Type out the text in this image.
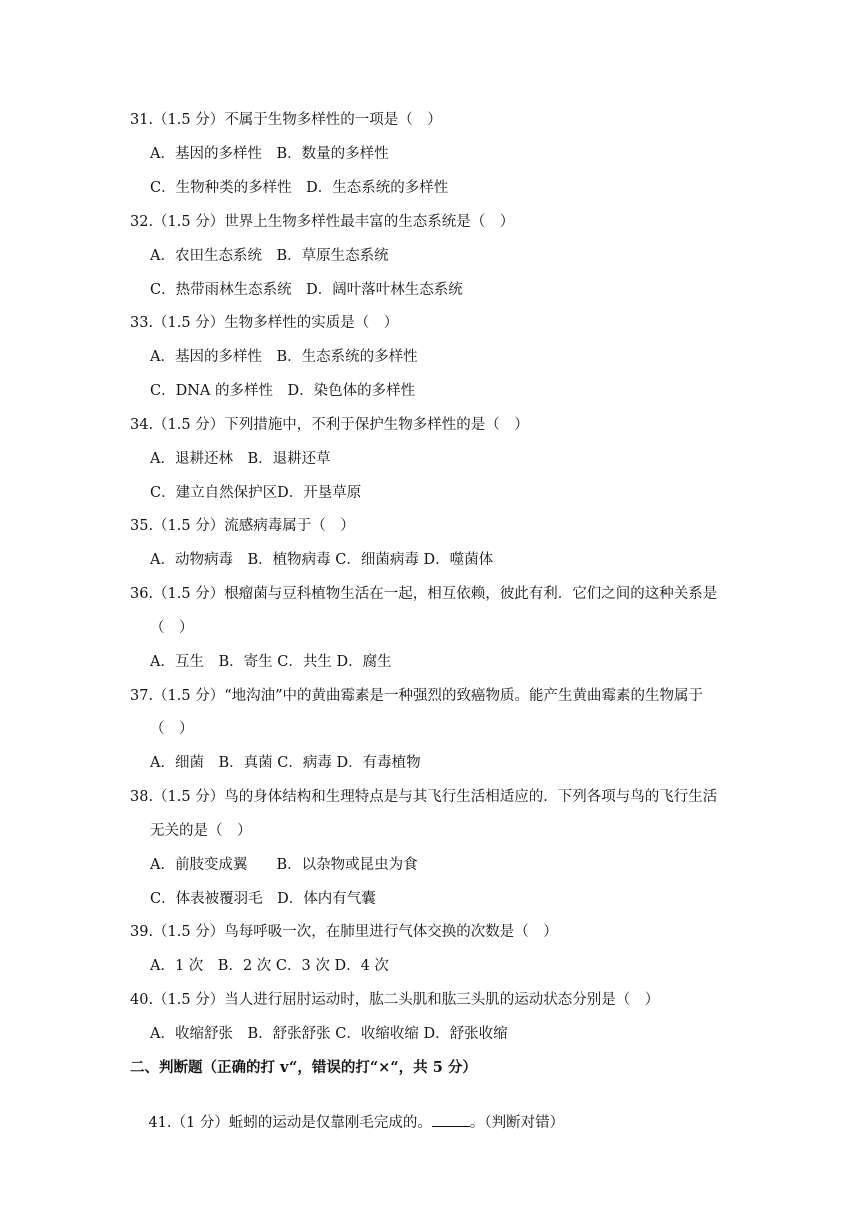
31.（1.5 分）不属于生物多样性的一项是（　）
A．基因的多样性　B．数量的多样性
C．生物种类的多样性　D．生态系统的多样性
32.（1.5 分）世界上生物多样性最丰富的生态系统是（　）
A．农田生态系统　B．草原生态系统
C．热带雨林生态系统　D．阔叶落叶林生态系统
33.（1.5 分）生物多样性的实质是（　）
A．基因的多样性　B．生态系统的多样性
C．DNA 的多样性　D．染色体的多样性
34.（1.5 分）下列措施中，不利于保护生物多样性的是（　）
A．退耕还林　B．退耕还草
C．建立自然保护区D．开垦草原
35.（1.5 分）流感病毒属于（　）
A．动物病毒　B．植物病毒 C．细菌病毒 D．噬菌体
36.（1.5 分）根瘤菌与豆科植物生活在一起，相互依赖，彼此有利．它们之间的这种关系是
（　）
A．互生　B．寄生 C．共生 D．腐生
37.（1.5 分）“地沟油”中的黄曲霉素是一种强烈的致癌物质。能产生黄曲霉素的生物属于
（　）
A．细菌　B．真菌 C．病毒 D．有毒植物
38.（1.5 分）鸟的身体结构和生理特点是与其飞行生活相适应的．下列各项与鸟的飞行生活
无关的是（　）
A．前肢变成翼　　B．以杂物或昆虫为食
C．体表被覆羽毛　D．体内有气囊
39.（1.5 分）鸟每呼吸一次，在肺里进行气体交换的次数是（　）
A．1 次　B．2 次 C．3 次 D．4 次
40.（1.5 分）当人进行屈肘运动时，肱二头肌和肱三头肌的运动状态分别是（　）
A．收缩舒张　B．舒张舒张 C．收缩收缩 D．舒张收缩
二、判断题（正确的打 v“，错误的打“×“，共 5 分）

41.（1 分）蚯蚓的运动是仅靠刚毛完成的。	。（判断对错）
